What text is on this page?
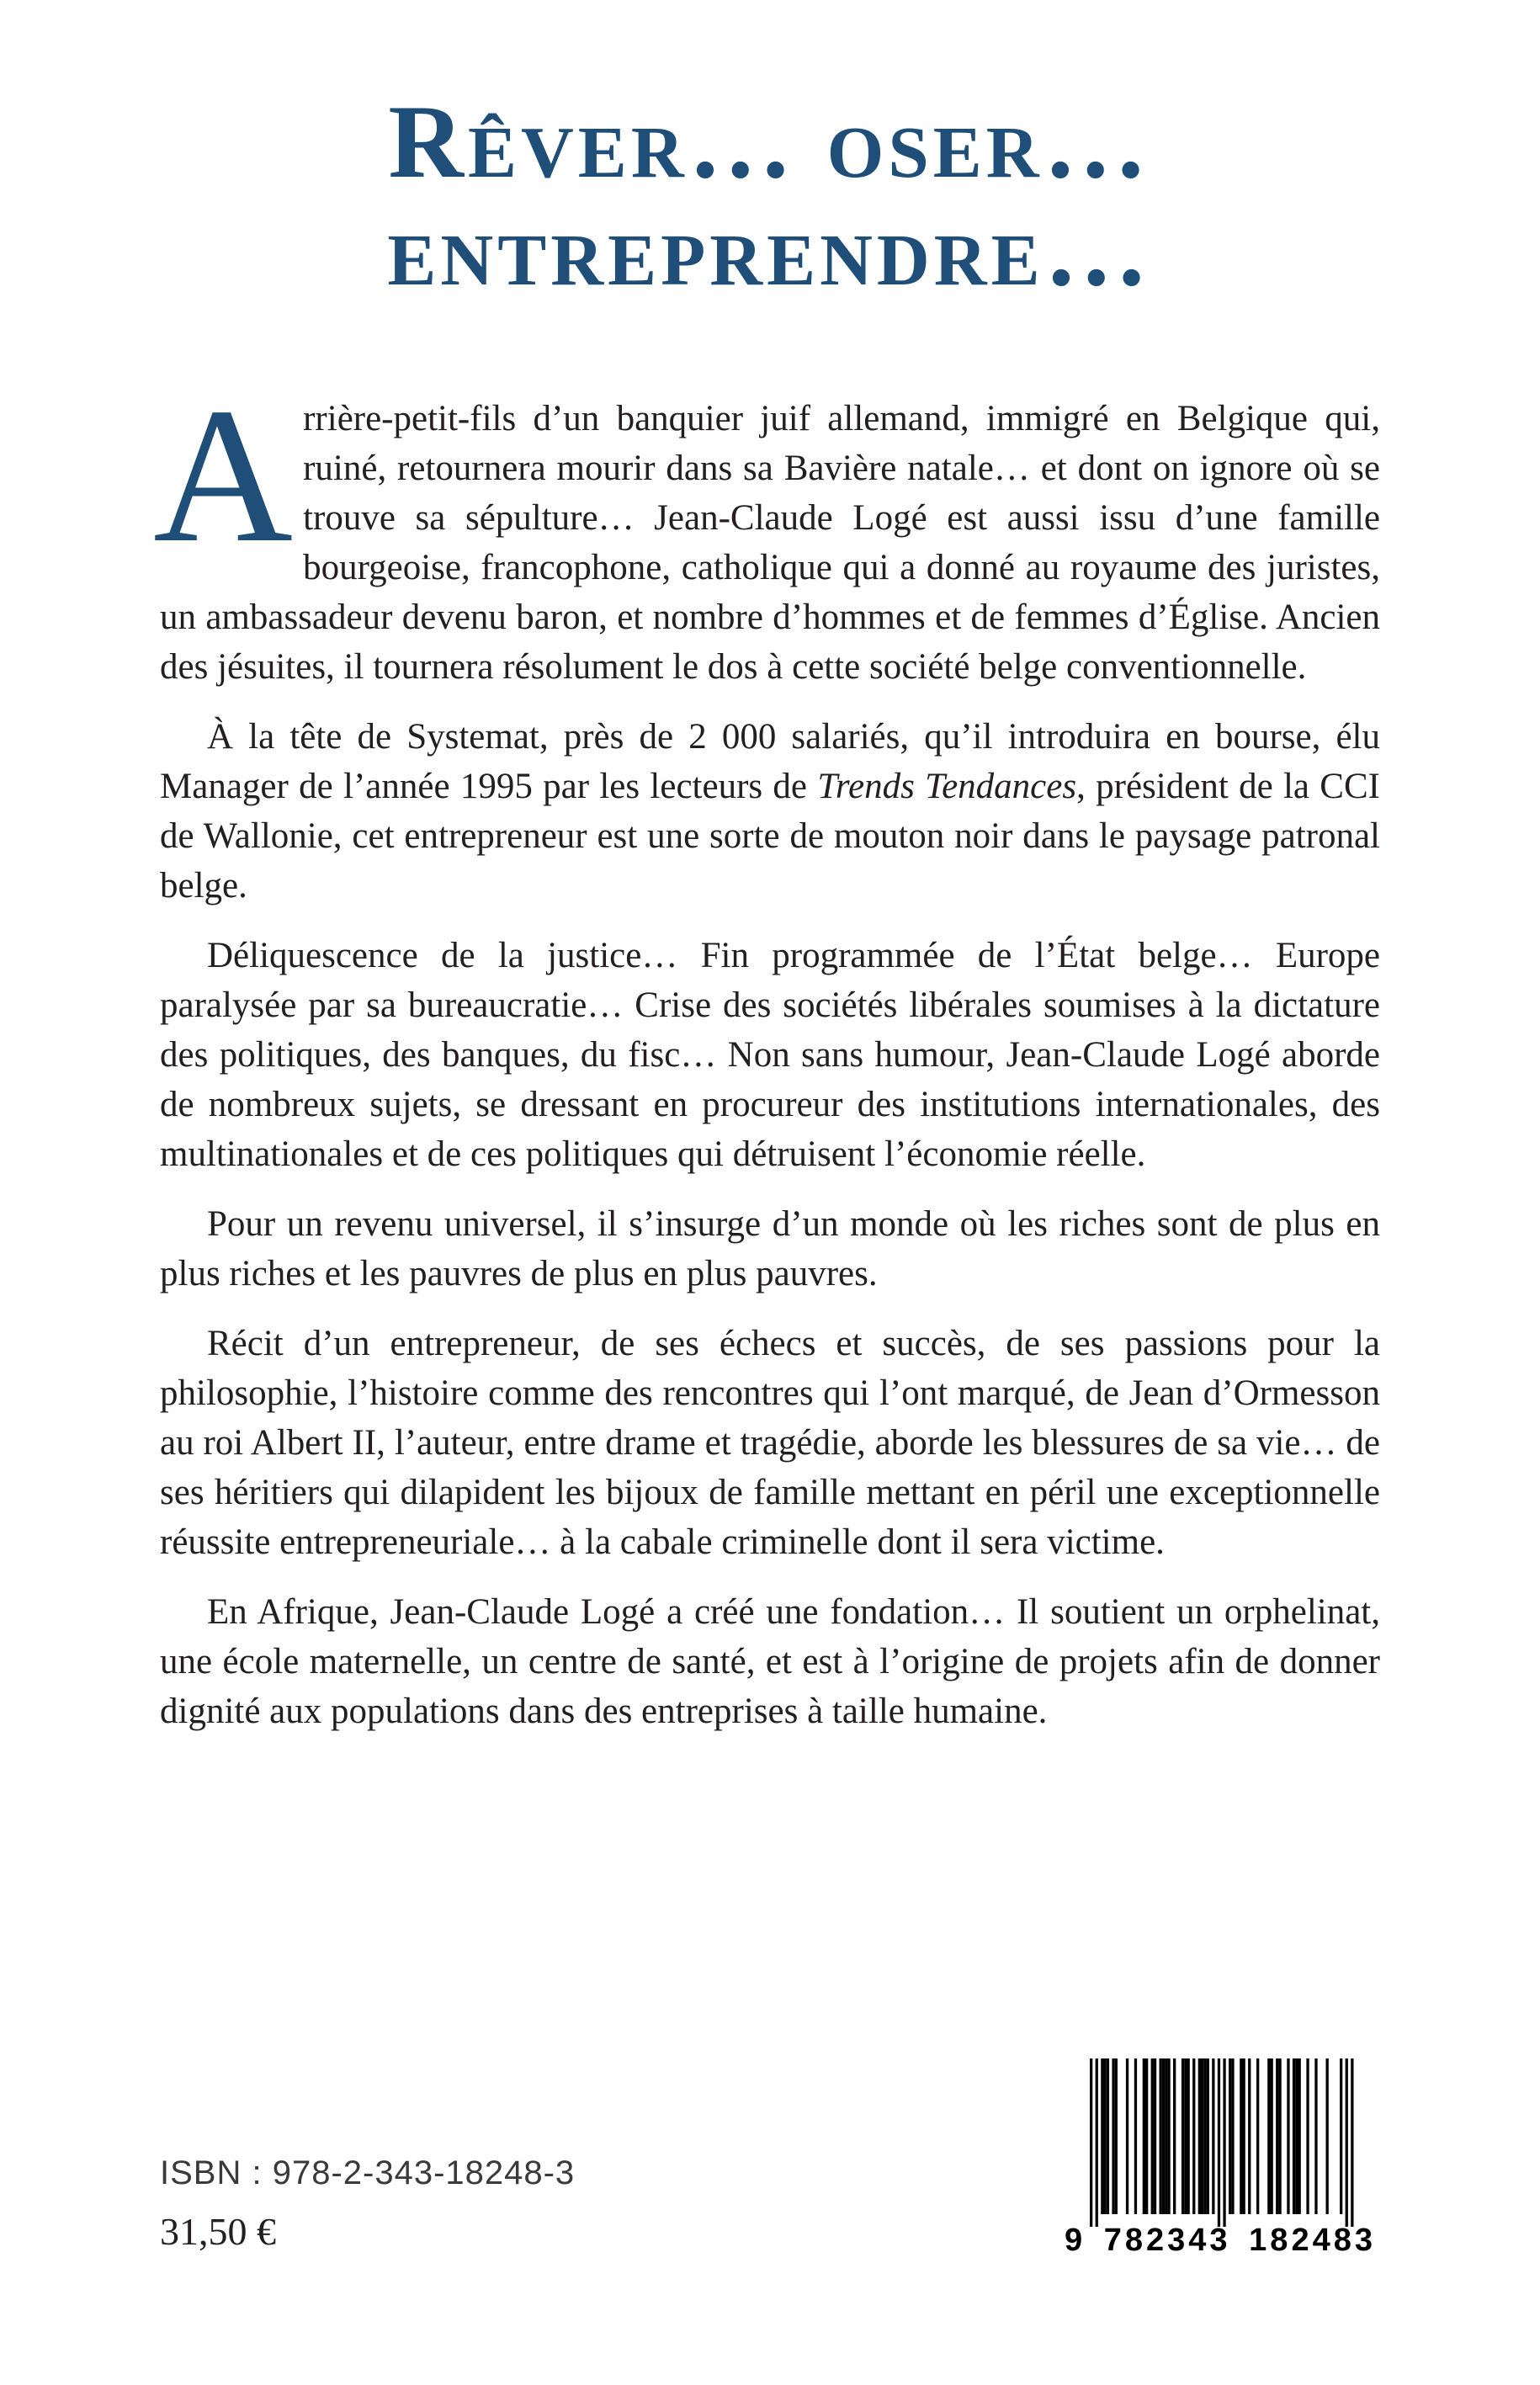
Rêver… oser…
entreprendre…

Arrière-petit-fils d’un banquier juif allemand, immigré en Belgique qui, ruiné, retournera mourir dans sa Bavière natale… et dont on ignore où se trouve sa sépulture… Jean-Claude Logé est aussi issu d’une famille bourgeoise, francophone, catholique qui a donné au royaume des juristes, un ambassadeur devenu baron, et nombre d’hommes et de femmes d’Église. Ancien des jésuites, il tournera résolument le dos à cette société belge conventionnelle.

À la tête de Systemat, près de 2 000 salariés, qu’il introduira en bourse, élu Manager de l’année 1995 par les lecteurs de Trends Tendances, président de la CCI de Wallonie, cet entrepreneur est une sorte de mouton noir dans le paysage patronal belge.

Déliquescence de la justice… Fin programmée de l’État belge… Europe paralysée par sa bureaucratie… Crise des sociétés libérales soumises à la dictature des politiques, des banques, du fisc… Non sans humour, Jean-Claude Logé aborde de nombreux sujets, se dressant en procureur des institutions internationales, des multinationales et de ces politiques qui détruisent l’économie réelle.

Pour un revenu universel, il s’insurge d’un monde où les riches sont de plus en plus riches et les pauvres de plus en plus pauvres.

Récit d’un entrepreneur, de ses échecs et succès, de ses passions pour la philosophie, l’histoire comme des rencontres qui l’ont marqué, de Jean d’Ormesson au roi Albert II, l’auteur, entre drame et tragédie, aborde les blessures de sa vie… de ses héritiers qui dilapident les bijoux de famille mettant en péril une exceptionnelle réussite entrepreneuriale… à la cabale criminelle dont il sera victime.

En Afrique, Jean-Claude Logé a créé une fondation… Il soutient un orphelinat, une école maternelle, un centre de santé, et est à l’origine de projets afin de donner dignité aux populations dans des entreprises à taille humaine.

ISBN : 978-2-343-18248-3
31,50 €	9 782343 182483
